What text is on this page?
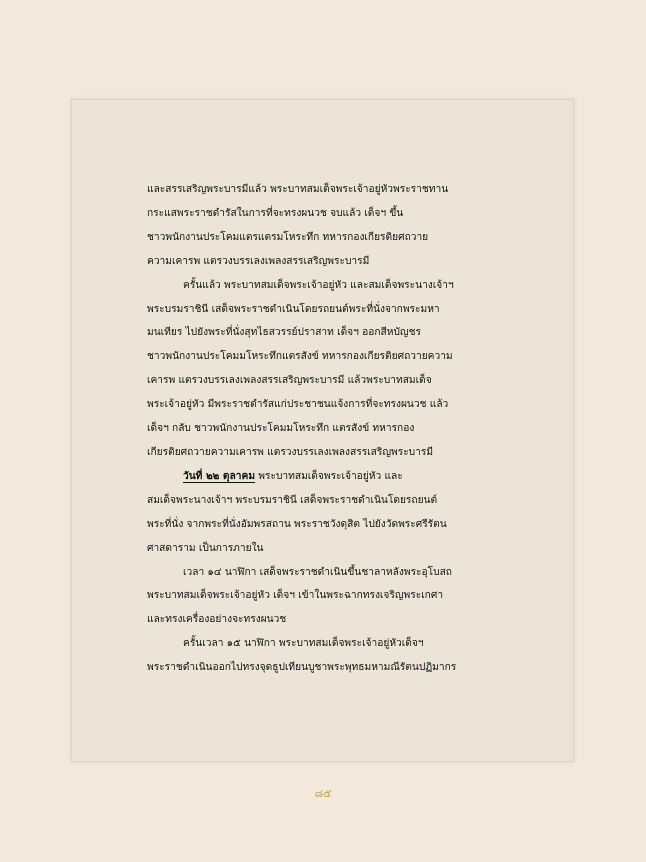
และสรรเสริญพระบารมีแล้ว พระบาทสมเด็จพระเจ้าอยู่หัวพระราชทาน
กระแสพระราชดำรัสในการที่จะทรงผนวช จบแล้ว เด็จฯ ขึ้น
ชาวพนักงานประโคมแตรแตรมโหระทึก ทหารกองเกียรติยศถวาย
ความเคารพ แตรวงบรรเลงเพลงสรรเสริญพระบารมี

ครั้นแล้ว พระบาทสมเด็จพระเจ้าอยู่หัว และสมเด็จพระนางเจ้าฯ
พระบรมราชินี เสด็จพระราชดำเนินโดยรถยนต์พระที่นั่งจากพระมหา
มนเทียร ไปยังพระที่นั่งสุทไธสวรรย์ปราสาท เด็จฯ ออกสีหบัญชร
ชาวพนักงานประโคมมโหระทึกแตรสังข์ ทหารกองเกียรติยศถวายความ
เคารพ แตรวงบรรเลงเพลงสรรเสริญพระบารมี แล้วพระบาทสมเด็จ
พระเจ้าอยู่หัว มีพระราชดำรัสแก่ประชาชนแจ้งการที่จะทรงผนวช แล้ว
เด็จฯ กลับ ชาวพนักงานประโคมมโหระทึก แตรสังข์ ทหารกอง
เกียรติยศถวายความเคารพ แตรวงบรรเลงเพลงสรรเสริญพระบารมี

วันที่ ๒๒ ตุลาคม พระบาทสมเด็จพระเจ้าอยู่หัว และ
สมเด็จพระนางเจ้าฯ พระบรมราชินี เสด็จพระราชดำเนินโดยรถยนต์
พระที่นั่ง จากพระที่นั่งอัมพรสถาน พระราชวังดุสิต ไปยังวัดพระศรีรัตน
ศาสดาราม เป็นการภายใน

เวลา ๑๔ นาฬิกา เสด็จพระราชดำเนินขึ้นชาลาหลังพระอุโบสถ
พระบาทสมเด็จพระเจ้าอยู่หัว เด็จฯ เข้าในพระฉากทรงเจริญพระเกศา
และทรงเครื่องอย่างจะทรงผนวช

ครั้นเวลา ๑๕ นาฬิกา พระบาทสมเด็จพระเจ้าอยู่หัวเด็จฯ
พระราชดำเนินออกไปทรงจุดธูปเทียนบูชาพระพุทธมหามณีรัตนปฏิมากร

๘๕
